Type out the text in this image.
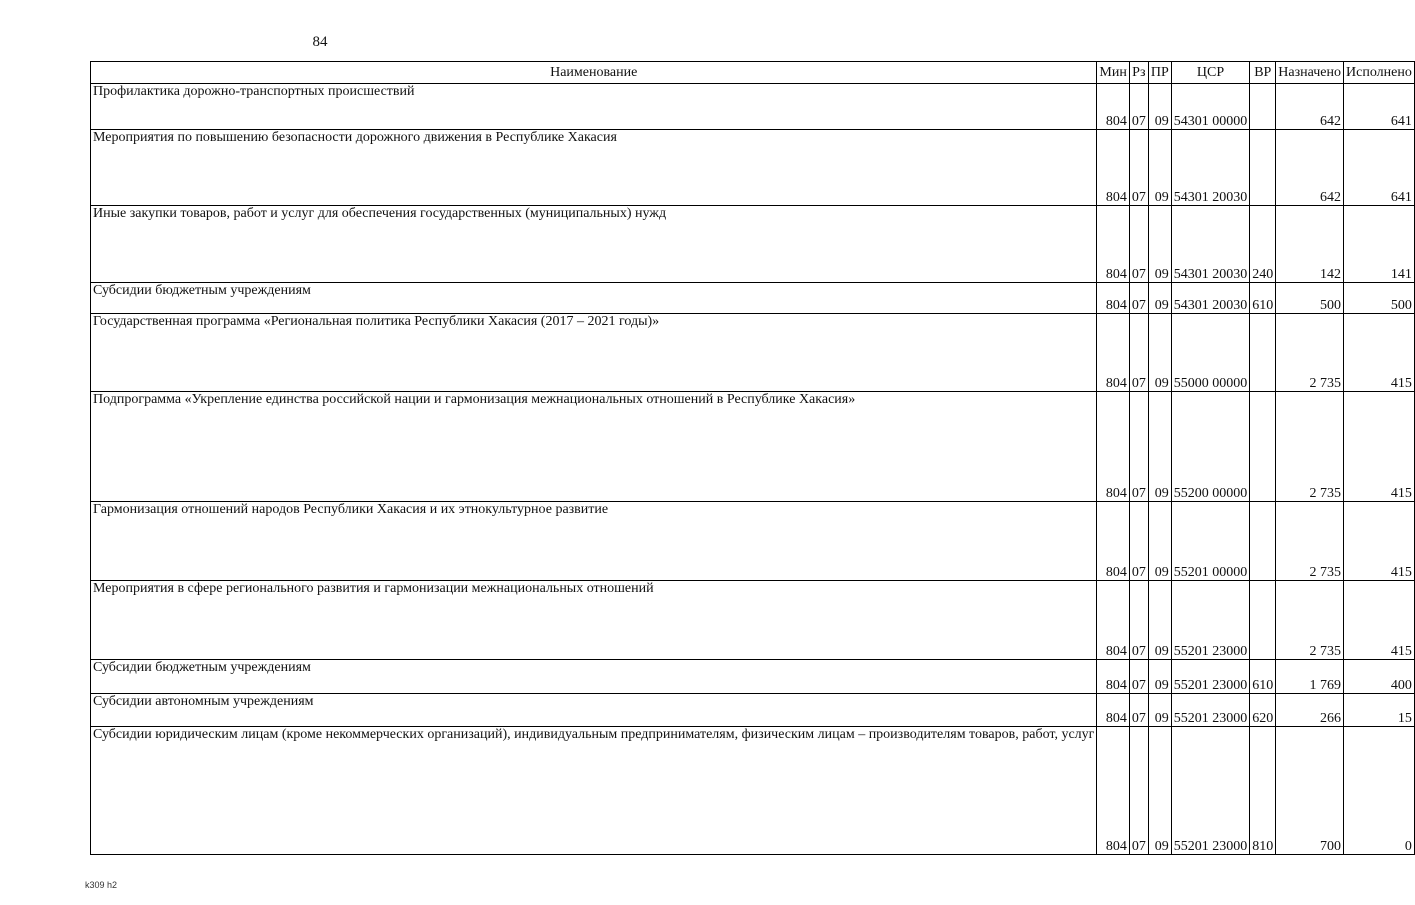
84
Наименование	Мин	Рз	ПР	ЦСР	ВР	Назначено	Исполнено
Профилактика дорожно-транспортных происшествий	804	07	09	54301 00000		642	641
Мероприятия по повышению безопасности дорожного движения в Республике Хакасия	804	07	09	54301 20030		642	641
Иные закупки товаров, работ и услуг для обеспечения государственных (муниципальных) нужд	804	07	09	54301 20030	240	142	141
Субсидии бюджетным учреждениям	804	07	09	54301 20030	610	500	500
Государственная программа «Региональная политика Республики Хакасия (2017 – 2021 годы)»	804	07	09	55000 00000		2 735	415
Подпрограмма «Укрепление единства российской нации и гармонизация межнациональных отношений в Республике Хакасия»	804	07	09	55200 00000		2 735	415
Гармонизация отношений народов Республики Хакасия и их этнокультурное развитие	804	07	09	55201 00000		2 735	415
Мероприятия в сфере регионального развития и гармонизации межнациональных отношений	804	07	09	55201 23000		2 735	415
Субсидии бюджетным учреждениям	804	07	09	55201 23000	610	1 769	400
Субсидии автономным учреждениям	804	07	09	55201 23000	620	266	15
Субсидии юридическим лицам (кроме некоммерческих организаций), индивидуальным предпринимателям, физическим лицам – производителям товаров, работ, услуг	804	07	09	55201 23000	810	700	0
k309 h2
